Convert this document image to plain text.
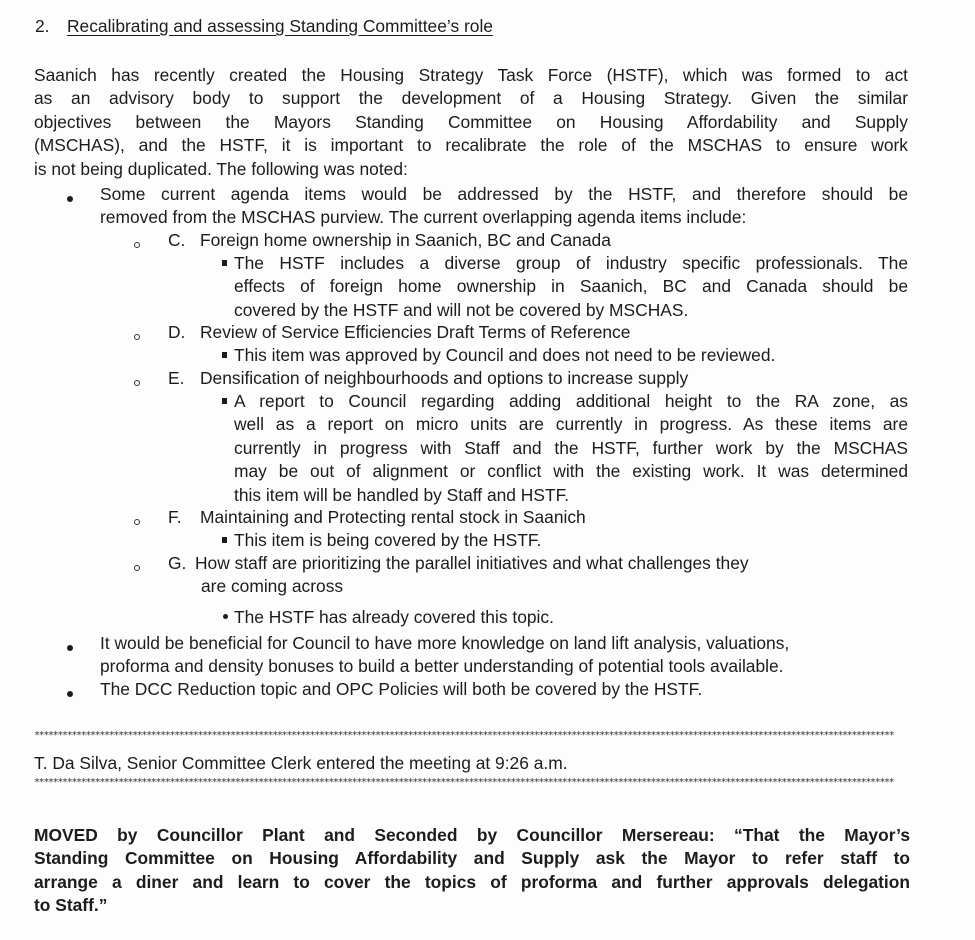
2. Recalibrating and assessing Standing Committee’s role
Saanich has recently created the Housing Strategy Task Force (HSTF), which was formed to act
as an advisory body to support the development of a Housing Strategy. Given the similar
objectives between the Mayors Standing Committee on Housing Affordability and Supply
(MSCHAS), and the HSTF, it is important to recalibrate the role of the MSCHAS to ensure work
is not being duplicated. The following was noted:
Some current agenda items would be addressed by the HSTF, and therefore should be
removed from the MSCHAS purview. The current overlapping agenda items include:
C. Foreign home ownership in Saanich, BC and Canada
The HSTF includes a diverse group of industry specific professionals. The
effects of foreign home ownership in Saanich, BC and Canada should be
covered by the HSTF and will not be covered by MSCHAS.
D. Review of Service Efficiencies Draft Terms of Reference
This item was approved by Council and does not need to be reviewed.
E. Densification of neighbourhoods and options to increase supply
A report to Council regarding adding additional height to the RA zone, as
well as a report on micro units are currently in progress. As these items are
currently in progress with Staff and the HSTF, further work by the MSCHAS
may be out of alignment or conflict with the existing work. It was determined
this item will be handled by Staff and HSTF.
F. Maintaining and Protecting rental stock in Saanich
This item is being covered by the HSTF.
G. How staff are prioritizing the parallel initiatives and what challenges they
are coming across
The HSTF has already covered this topic.
It would be beneficial for Council to have more knowledge on land lift analysis, valuations,
proforma and density bonuses to build a better understanding of potential tools available.
The DCC Reduction topic and OPC Policies will both be covered by the HSTF.
****************************************************************************************************************************************************************************************
T. Da Silva, Senior Committee Clerk entered the meeting at 9:26 a.m.
****************************************************************************************************************************************************************************************
MOVED by Councillor Plant and Seconded by Councillor Mersereau: “That the Mayor’s
Standing Committee on Housing Affordability and Supply ask the Mayor to refer staff to
arrange a diner and learn to cover the topics of proforma and further approvals delegation
to Staff.”
